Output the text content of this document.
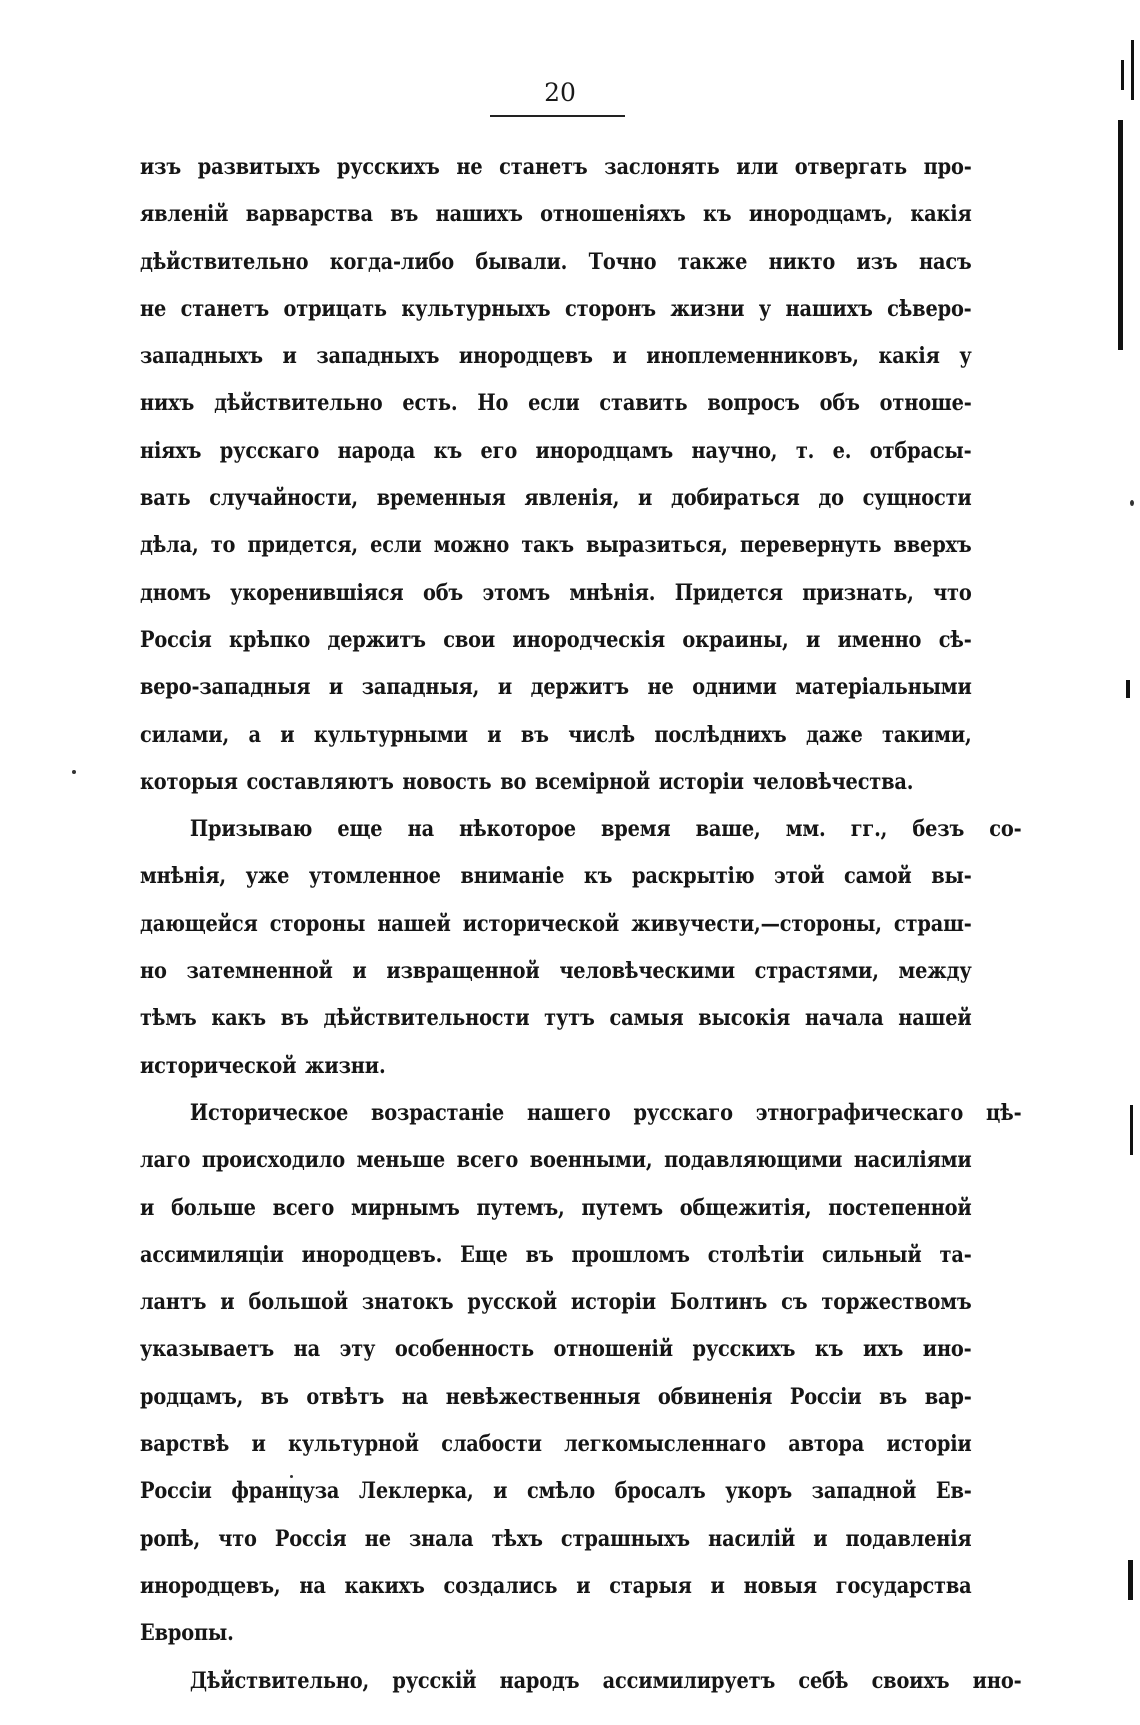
20
изъ развитыхъ русскихъ не станетъ заслонять или отвергать про-
явленій варварства въ нашихъ отношеніяхъ къ инородцамъ, какія
дѣйствительно когда-либо бывали. Точно также никто изъ насъ
не станетъ отрицать культурныхъ сторонъ жизни у нашихъ сѣверо-
западныхъ и западныхъ инородцевъ и иноплеменниковъ, какія у
нихъ дѣйствительно есть. Но если ставить вопросъ объ отноше-
ніяхъ русскаго народа къ его инородцамъ научно, т. е. отбрасы-
вать случайности, временныя явленія, и добираться до сущности
дѣла, то придется, если можно такъ выразиться, перевернуть вверхъ
дномъ укоренившіяся объ этомъ мнѣнія. Придется признать, что
Россія крѣпко держитъ свои инородческія окраины, и именно сѣ-
веро-западныя и западныя, и держитъ не одними матеріальными
силами, а и культурными и въ числѣ послѣднихъ даже такими,
которыя составляютъ новость во всемірной исторіи человѣчества.
Призываю еще на нѣкоторое время ваше, мм. гг., безъ со-
мнѣнія, уже утомленное вниманіе къ раскрытію этой самой вы-
дающейся стороны нашей исторической живучести,—стороны, страш-
но затемненной и извращенной человѣческими страстями, между
тѣмъ какъ въ дѣйствительности тутъ самыя высокія начала нашей
исторической жизни.
Историческое возрастаніе нашего русскаго этнографическаго цѣ-
лаго происходило меньше всего военными, подавляющими насиліями
и больше всего мирнымъ путемъ, путемъ общежитія, постепенной
ассимиляціи инородцевъ. Еще въ прошломъ столѣтіи сильный та-
лантъ и большой знатокъ русской исторіи Болтинъ съ торжествомъ
указываетъ на эту особенность отношеній русскихъ къ ихъ ино-
родцамъ, въ отвѣтъ на невѣжественныя обвиненія Россіи въ вар-
варствѣ и культурной слабости легкомысленнаго автора исторіи
Россіи француза Леклерка, и смѣло бросалъ укоръ западной Ев-
ропѣ, что Россія не знала тѣхъ страшныхъ насилій и подавленія
инородцевъ, на какихъ создались и старыя и новыя государства
Европы.
Дѣйствительно, русскій народъ ассимилируетъ себѣ своихъ ино-
